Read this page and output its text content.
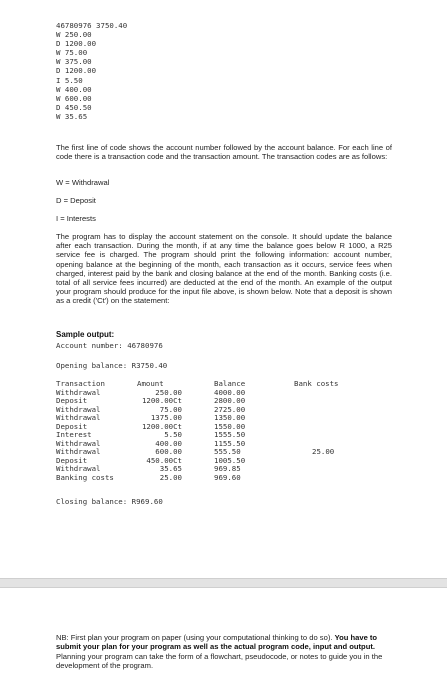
46780976 3750.40
W 250.00
D 1200.00
W 75.00
W 375.00
D 1200.00
I 5.50
W 400.00
W 600.00
D 450.50
W 35.65
The first line of code shows the account number followed by the account balance. For each line of code there is a transaction code and the transaction amount. The transaction codes are as follows:
W = Withdrawal
D = Deposit
I = Interests
The program has to display the account statement on the console. It should update the balance after each transaction. During the month, if at any time the balance goes below R 1000, a R25 service fee is charged. The program should print the following information: account number, opening balance at the beginning of the month, each transaction as it occurs, service fees when charged, interest paid by the bank and closing balance at the end of the month. Banking costs (i.e. total of all service fees incurred) are deducted at the end of the month. An example of the output your program should produce for the input file above, is shown below. Note that a deposit is shown as a credit ('Ct') on the statement:
Sample output:
Account number: 46780976
Opening balance: R3750.40
Transaction
Withdrawal
Deposit
Withdrawal
Withdrawal
Deposit
Interest
Withdrawal
Withdrawal
Deposit
Withdrawal
Banking costs
Amount
250.00
1200.00Ct
75.00
1375.00
1200.00Ct
5.50
400.00
600.00
450.00Ct
35.65
25.00
Balance
4000.00
2800.00
2725.00
1350.00
1550.00
1555.50
1155.50
555.50
1005.50
969.85
969.60
Bank costs
25.00
Closing balance: R969.60
NB: First plan your program on paper (using your computational thinking to do so). You have to submit your plan for your program as well as the actual program code, input and output. Planning your program can take the form of a flowchart, pseudocode, or notes to guide you in the development of the program.
